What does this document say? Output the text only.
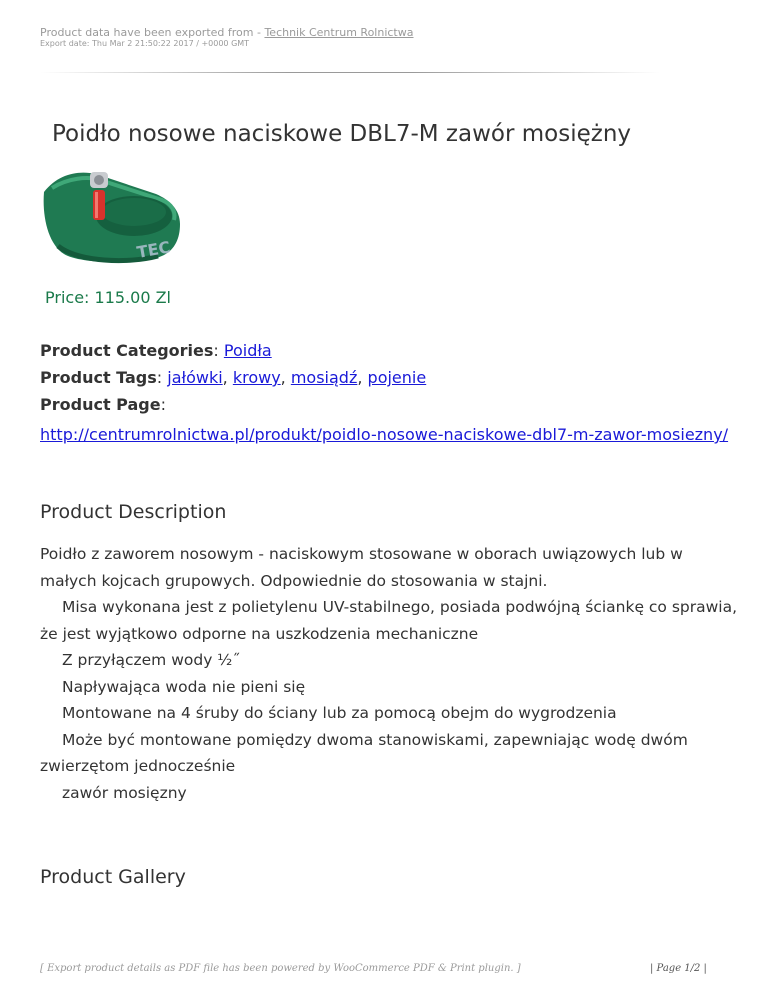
Product data have been exported from - Technik Centrum Rolnictwa
Export date: Thu Mar 2 21:50:22 2017 / +0000 GMT
Poidło nosowe naciskowe DBL7-M zawór mosiężny
TEC
Price: 115.00 Zl
Product Categories: Poidła
Product Tags: jałówki, krowy, mosiądź, pojenie
Product Page:
http://centrumrolnictwa.pl/produkt/poidlo-nosowe-naciskowe-dbl7-m-zawor-mosiezny/
Product Description

Poidło z zaworem nosowym - naciskowym stosowane w oborach uwiązowych lub w małych kojcach grupowych. Odpowiednie do stosowania w stajni.

Misa wykonana jest z polietylenu UV-stabilnego, posiada podwójną ściankę co sprawia, że jest wyjątkowo odporne na uszkodzenia mechaniczne

Z przyłączem wody ½˝

Napływająca woda nie pieni się

Montowane na 4 śruby do ściany lub za pomocą obejm do wygrodzenia

Może być montowane pomiędzy dwoma stanowiskami, zapewniając wodę dwóm zwierzętom jednocześnie

zawór mosięzny

Product Gallery
[ Export product details as PDF file has been powered by WooCommerce PDF & Print plugin. ]	| Page 1/2 |
